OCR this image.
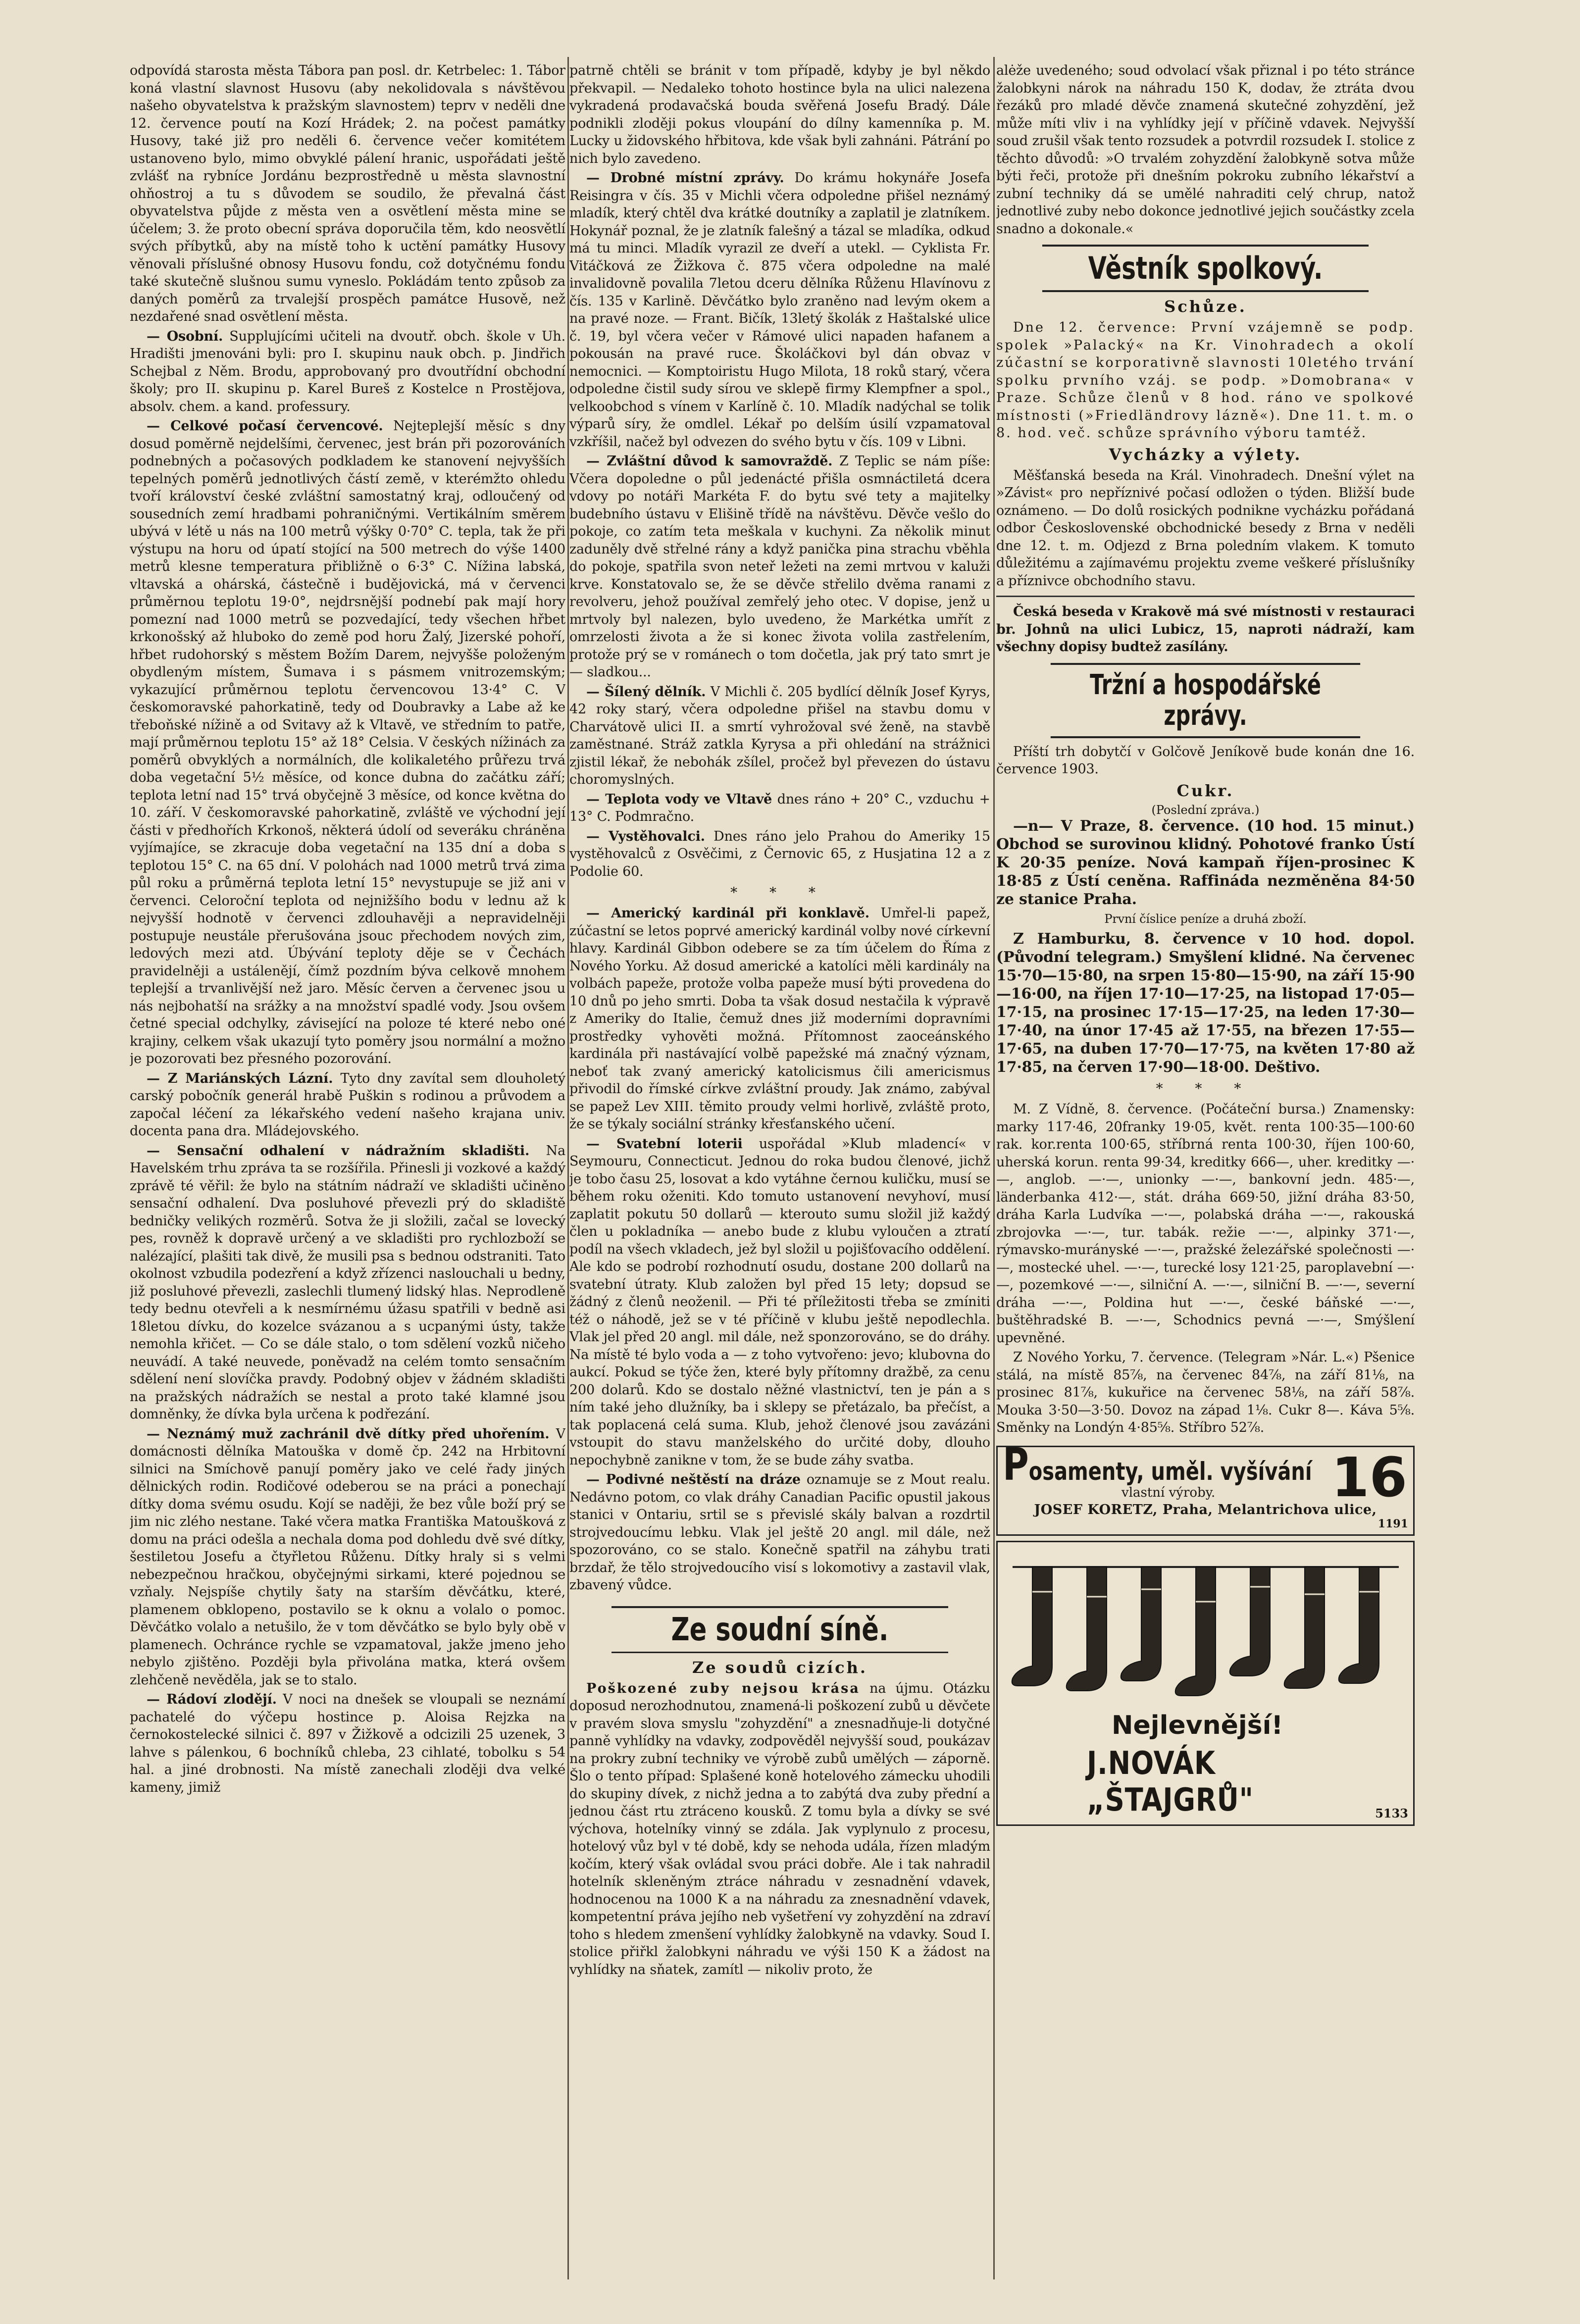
odpovídá starosta města Tábora pan posl. dr. Ketrbelec: 1. Tábor koná vlastní slavnost Husovu (aby nekolidovala s návštěvou našeho obyvatelstva k pražským slavnostem) teprv v neděli dne 12. července poutí na Kozí Hrádek; 2. na počest památky Husovy, také již pro neděli 6. července večer komitétem ustanoveno bylo, mimo obvyklé pálení hranic, uspořádati ještě zvlášť na rybníce Jordánu bezprostředně u města slavnostní ohňostroj a tu s důvodem se soudilo, že převalná část obyvatelstva půjde z města ven a osvětlení města mine se účelem; 3. že proto obecní správa doporučila těm, kdo neosvětlí svých příbytků, aby na místě toho k uctění památky Husovy věnovali příslušné obnosy Husovu fondu, což dotyčnému fondu také skutečně slušnou sumu vyneslo. Pokládám tento způsob za daných poměrů za trvalejší prospěch památce Husově, než nezdařené snad osvětlení města.

— Osobní. Supplujícími učiteli na dvoutř. obch. škole v Uh. Hradišti jmenováni byli: pro I. skupinu nauk obch. p. Jindřich Schejbal z Něm. Brodu, approbovaný pro dvoutřídní obchodní školy; pro II. skupinu p. Karel Bureš z Kostelce n Prostějova, absolv. chem. a kand. professury.

— Celkové počasí červencové. Nejteplejší měsíc s dny dosud poměrně nejdelšími, červenec, jest brán při pozorováních podnebných a počasových podkladem ke stanovení nejvyšších tepelných poměrů jednotlivých částí země, v kterémžto ohledu tvoří království české zvláštní samostatný kraj, odloučený od sousedních zemí hradbami pohraničnými. Vertikálním směrem ubývá v létě u nás na 100 metrů výšky 0·70° C. tepla, tak že při výstupu na horu od úpatí stojící na 500 metrech do výše 1400 metrů klesne temperatura přibližně o 6·3° C. Nížina labská, vltavská a ohárská, částečně i budějovická, má v červenci průměrnou teplotu 19·0°, nejdrsnější podnebí pak mají hory pomezní nad 1000 metrů se pozvedající, tedy všechen hřbet krkonošský až hluboko do země pod horu Žalý, Jizerské pohoří, hřbet rudohorský s městem Božím Darem, nejvyšše položeným obydleným místem, Šumava i s pásmem vnitrozemským; vykazující průměrnou teplotu červencovou 13·4° C. V českomoravské pahorkatině, tedy od Doubravky a Labe až ke třeboňské nížině a od Svitavy až k Vltavě, ve středním to patře, mají průměrnou teplotu 15° až 18° Celsia. V českých nížinách za poměrů obvyklých a normálních, dle kolikaletého průřezu trvá doba vegetační 5½ měsíce, od konce dubna do začátku září; teplota letní nad 15° trvá obyčejně 3 měsíce, od konce května do 10. září. V českomoravské pahorkatině, zvláště ve východní její části v předhořích Krkonoš, některá údolí od severáku chráněna vyjímajíce, se zkracuje doba vegetační na 135 dní a doba s teplotou 15° C. na 65 dní. V polohách nad 1000 metrů trvá zima půl roku a průměrná teplota letní 15° nevystupuje se již ani v červenci. Celoroční teplota od nejnižšího bodu v lednu až k nejvyšší hodnotě v červenci zdlouhavěji a nepravidelněji postupuje neustále přerušována jsouc přechodem nových zim, ledových mezi atd. Úbývání teploty děje se v Čechách pravidelněji a ustálenějí, čímž pozdním býva celkově mnohem teplejší a trvanlivější než jaro. Měsíc červen a červenec jsou u nás nejbohatší na srážky a na množství spadlé vody. Jsou ovšem četné special odchylky, závisející na poloze té které nebo oné krajiny, celkem však ukazují tyto poměry jsou normální a možno je pozorovati bez přesného pozorování.

— Z Mariánských Lázní. Tyto dny zavítal sem dlouholetý carský pobočník generál hrabě Puškin s rodinou a průvodem a započal léčení za lékařského vedení našeho krajana univ. docenta pana dra. Mládejovského.

— Sensační odhalení v nádražním skladišti. Na Havelském trhu zpráva ta se rozšířila. Přinesli ji vozkové a každý zprávě té věřil: že bylo na státním nádraží ve skladišti učiněno sensační odhalení. Dva posluhové převezli prý do skladiště bedničky velikých rozměrů. Sotva že ji složili, začal se lovecký pes, rovněž k dopravě určený a ve skladišti pro rychlozboží se nalézající, plašiti tak divě, že musili psa s bednou odstraniti. Tato okolnost vzbudila podezření a když zřízenci naslouchali u bedny, již posluhové převezli, zaslechli tlumený lidský hlas. Neprodleně tedy bednu otevřeli a k nesmírnému úžasu spatřili v bedně asi 18letou dívku, do kozelce svázanou a s ucpanými ústy, takže nemohla křičet. — Co se dále stalo, o tom sdělení vozků ničeho neuvádí. A také neuvede, poněvadž na celém tomto sensačním sdělení není slovíčka pravdy. Podobný objev v žádném skladišti na pražských nádražích se nestal a proto také klamné jsou domněnky, že dívka byla určena k podřezání.

— Neznámý muž zachránil dvě dítky před uhořením. V domácnosti dělníka Matouška v domě čp. 242 na Hrbitovní silnici na Smíchově panují poměry jako ve celé řady jiných dělnických rodin. Rodičové odeberou se na práci a ponechají dítky doma svému osudu. Kojí se naději, že bez vůle boží prý se jim nic zlého nestane. Také včera matka Františka Matoušková z domu na práci odešla a nechala doma pod dohledu dvě své dítky, šestiletou Josefu a čtyřletou Růženu. Dítky hraly si s velmi nebezpečnou hračkou, obyčejnými sirkami, které pojednou se vzňaly. Nejspíše chytily šaty na starším děvčátku, které, plamenem obklopeno, postavilo se k oknu a volalo o pomoc. Děvčátko volalo a netušilo, že v tom děvčátko se bylo byly obě v plamenech. Ochránce rychle se vzpamatoval, jakže jmeno jeho nebylo zjištěno. Později byla přivolána matka, která ovšem zlehčeně nevěděla, jak se to stalo.

— Rádoví zlodějí. V noci na dnešek se vloupali se neznámí pachatelé do výčepu hostince p. Aloisa Rejzka na černokostelecké silnici č. 897 v Žižkově a odcizili 25 uzenek, 3 lahve s pálenkou, 6 bochníků chleba, 23 cihlaté, tobolku s 54 hal. a jiné drobnosti. Na místě zanechali zloději dva velké kameny, jimiž

patrně chtěli se bránit v tom případě, kdyby je byl někdo překvapil. — Nedaleko tohoto hostince byla na ulici nalezena vykradená prodavačská bouda svěřená Josefu Bradý. Dále podnikli zloději pokus vloupání do dílny kamenníka p. M. Lucky u židovského hřbitova, kde však byli zahnáni. Pátrání po nich bylo zavedeno.

— Drobné místní zprávy. Do krámu hokynáře Josefa Reisingra v čís. 35 v Michli včera odpoledne přišel neznámý mladík, který chtěl dva krátké doutníky a zaplatil je zlatníkem. Hokynář poznal, že je zlatník falešný a tázal se mladíka, odkud má tu minci. Mladík vyrazil ze dveří a utekl. — Cyklista Fr. Vitáčková ze Žižkova č. 875 včera odpoledne na malé invalidovně povalila 7letou dceru dělníka Růženu Hlavínovu z čís. 135 v Karlině. Děvčátko bylo zraněno nad levým okem a na pravé noze. — Frant. Bičík, 13letý školák z Haštalské ulice č. 19, byl včera večer v Rámové ulici napaden hafanem a pokousán na pravé ruce. Školáčkovi byl dán obvaz v nemocnici. — Komptoiristu Hugo Milota, 18 roků starý, včera odpoledne čistil sudy sírou ve sklepě firmy Klempfner a spol., velkoobchod s vínem v Karlíně č. 10. Mladík nadýchal se tolik výparů síry, že omdlel. Lékař po delším úsilí vzpamatoval vzkříšil, načež byl odvezen do svého bytu v čís. 109 v Libni.

— Zvláštní důvod k samovraždě. Z Teplic se nám píše: Včera dopoledne o půl jedenácté přišla osmnáctiletá dcera vdovy po notáři Markéta F. do bytu své tety a majitelky budebního ústavu v Elišině třídě na návštěvu. Děvče vešlo do pokoje, co zatím teta meškala v kuchyni. Za několik minut zaduněly dvě střelné rány a když panička pina strachu vběhla do pokoje, spatřila svon neteř ležeti na zemi mrtvou v kaluži krve. Konstatovalo se, že se děvče střelilo dvěma ranami z revolveru, jehož používal zemřelý jeho otec. V dopise, jenž u mrtvoly byl nalezen, bylo uvedeno, že Markétka umřít z omrzelosti života a že si konec života volila zastřelením, protože prý se v románech o tom dočetla, jak prý tato smrt je — sladkou...

— Šílený dělník. V Michli č. 205 bydlící dělník Josef Kyrys, 42 roky starý, včera odpoledne přišel na stavbu domu v Charvátově ulici II. a smrtí vyhrožoval své ženě, na stavbě zaměstnané. Stráž zatkla Kyrysa a při ohledání na strážnici zjistil lékař, že nebohák zšílel, pročež byl převezen do ústavu choromyslných.

— Teplota vody ve Vltavě dnes ráno + 20° C., vzduchu + 13° C. Podmračno.

— Vystěhovalci. Dnes ráno jelo Prahou do Ameriky 15 vystěhovalců z Osvěčimi, z Černovic 65, z Husjatina 12 a z Podolie 60.

* * *

— Americký kardinál při konklavě. Umřel-li papež, zúčastní se letos poprvé americký kardinál volby nové církevní hlavy. Kardinál Gibbon odebere se za tím účelem do Říma z Nového Yorku. Až dosud americké a katolíci měli kardinály na volbách papeže, protože volba papeže musí býti provedena do 10 dnů po jeho smrti. Doba ta však dosud nestačila k výpravě z Ameriky do Italie, čemuž dnes již moderními dopravními prostředky vyhověti možná. Přítomnost zaoceánského kardinála při nastávající volbě papežské má značný význam, neboť tak zvaný americký katolicismus čili americismus přivodil do římské církve zvláštní proudy. Jak známo, zabýval se papež Lev XIII. těmito proudy velmi horlivě, zvláště proto, že se týkaly sociální stránky křesťanského učení.

— Svatební loterii uspořádal »Klub mladencí« v Seymouru, Connecticut. Jednou do roka budou členové, jichž je tobo času 25, losovat a kdo vytáhne černou kuličku, musí se během roku oženiti. Kdo tomuto ustanovení nevyhoví, musí zaplatit pokutu 50 dollarů — kterouto sumu složil již každý člen u pokladníka — anebo bude z klubu vyloučen a ztratí podíl na všech vkladech, jež byl složil u pojišťovacího oddělení. Ale kdo se podrobí rozhodnutí osudu, dostane 200 dollarů na svatební útraty. Klub založen byl před 15 lety; dopsud se žádný z členů neoženil. — Při té příležitosti třeba se zmíniti též o náhodě, jež se v té příčině v klubu ještě nepodlechla. Vlak jel před 20 angl. mil dále, než sponzorováno, se do dráhy. Na místě té bylo voda a — z toho vytvořeno: jevo; klubovna do aukcí. Pokud se týče žen, které byly přítomny dražbě, za cenu 200 dolarů. Kdo se dostalo něžné vlastnictví, ten je pán a s ním také jeho dlužníky, ba i sklepy se přetázalo, ba přečíst, a tak poplacená celá suma. Klub, jehož členové jsou zavázáni vstoupit do stavu manželského do určité doby, dlouho nepochybně zanikne v tom, že se bude záhy svatba.

— Podivné neštěstí na dráze oznamuje se z Mout realu. Nedávno potom, co vlak dráhy Canadian Pacific opustil jakous stanici v Ontariu, srtil se s převislé skály balvan a rozdrtil strojvedoucímu lebku. Vlak jel ještě 20 angl. mil dále, než spozorováno, co se stalo. Konečně spatřil na záhybu trati brzdař, že tělo strojvedoucího visí s lokomotivy a zastavil vlak, zbavený vůdce.

Ze soudní síně.
Ze soudů cizích.

Poškozené zuby nejsou krása na újmu. Otázku doposud nerozhodnutou, znamená-li poškození zubů u děvčete v pravém slova smyslu "zohyzdění" a znesnadňuje-li dotyčné panně vyhlídky na vdavky, zodpověděl nejvyšší soud, poukázav na prokry zubní techniky ve výrobě zubů umělých — záporně. Šlo o tento případ: Splašené koně hotelového zámecku uhodili do skupiny dívek, z nichž jedna a to zabýtá dva zuby přední a jednou část rtu ztráceno kousků. Z tomu byla a dívky se své výchova, hotelníky vinný se zdála. Jak vyplynulo z procesu, hotelový vůz byl v té době, kdy se nehoda udála, řízen mladým kočím, který však ovládal svou práci dobře. Ale i tak nahradil hotelník skleněným ztráce náhradu v zesnadnění vdavek, hodnocenou na 1000 K a na náhradu za znesnadnění vdavek, kompetentní práva jejího neb vyšetření vy zohyzdění na zdraví toho s hledem zmenšení vyhlídky žalobkyně na vdavky. Soud I. stolice přiřkl žalobkyni náhradu ve výši 150 K a žádost na vyhlídky na sňatek, zamítl — nikoliv proto, že

alėže uvedeného; soud odvolací však přiznal i po této stránce žalobkyni nárok na náhradu 150 K, dodav, že ztráta dvou řezáků pro mladé děvče znamená skutečné zohyzdění, jež může míti vliv i na vyhlídky její v příčině vdavek. Nejvyšší soud zrušil však tento rozsudek a potvrdil rozsudek I. stolice z těchto důvodů: »O trvalém zohyzdění žalobkyně sotva může býti řeči, protože při dnešním pokroku zubního lékařství a zubní techniky dá se umělé nahraditi celý chrup, natož jednotlivé zuby nebo dokonce jednotlivé jejich součástky zcela snadno a dokonale.«

Věstník spolkový.
Schůze.

Dne 12. července: První vzájemně se podp. spolek »Palacký« na Kr. Vinohradech a okolí zúčastní se korporativně slavnosti 10letého trvání spolku prvního vzáj. se podp. »Domobrana« v Praze. Schůze členů v 8 hod. ráno ve spolkové místnosti (»Friedländrovy lázně«). Dne 11. t. m. o 8. hod. več. schůze správního výboru tamtéž.

Vycházky a výlety.

Měšťanská beseda na Král. Vinohradech. Dnešní výlet na »Závist« pro nepříznivé počasí odložen o týden. Bližší bude oznámeno. — Do dolů rosických podnikne vycházku pořádaná odbor Československé obchodnické besedy z Brna v neděli dne 12. t. m. Odjezd z Brna poledním vlakem. K tomuto důležitému a zajímavému projektu zveme veškeré příslušníky a příznivce obchodního stavu.

Česká beseda v Krakově má své místnosti v restauraci br. Johnů na ulici Lubicz, 15, naproti nádraží, kam všechny dopisy budtež zasílány.

Tržní a hospodářské zprávy.

Příští trh dobytčí v Golčově Jeníkově bude konán dne 16. července 1903.

Cukr.
(Poslední zpráva.)

—n— V Praze, 8. července. (10 hod. 15 minut.) Obchod se surovinou klidný. Pohotové franko Ústí K 20·35 peníze. Nová kampaň říjen-prosinec K 18·85 z Ústí ceněna. Raffináda nezměněna 84·50 ze stanice Praha.

První číslice peníze a druhá zboží.

Z Hamburku, 8. července v 10 hod. dopol. (Původní telegram.) Smyšlení klidné. Na červenec 15·70—15·80, na srpen 15·80—15·90, na září 15·90—16·00, na říjen 17·10—17·25, na listopad 17·05—17·15, na prosinec 17·15—17·25, na leden 17·30—17·40, na únor 17·45 až 17·55, na březen 17·55—17·65, na duben 17·70—17·75, na květen 17·80 až 17·85, na červen 17·90—18·00. Deštivo.

* * *

M. Z Vídně, 8. července. (Počáteční bursa.) Znamensky: marky 117·46, 20franky 19·05, květ. renta 100·35—100·60 rak. kor.renta 100·65, stříbrná renta 100·30, říjen 100·60, uherská korun. renta 99·34, kreditky 666—, uher. kreditky —·—, anglob. —·—, unionky —·—, bankovní jedn. 485·—, länderbanka 412·—, stát. dráha 669·50, jižní dráha 83·50, dráha Karla Ludvíka —·—, polabská dráha —·—, rakouská zbrojovka —·—, tur. tabák. režie —·—, alpinky 371·—, rýmavsko-murányské —·—, pražské železářské společnosti —·—, mostecké uhel. —·—, turecké losy 121·25, paroplavební —·—, pozemkové —·—, silniční A. —·—, silniční B. —·—, severní dráha —·—, Poldina hut —·—, české báňské —·—, buštěhradské B. —·—, Schodnics pevná —·—, Smýšlení upevněné.

Z Nového Yorku, 7. července. (Telegram »Nár. L.«) Pšenice stálá, na místě 85⅞, na červenec 84⅞, na září 81⅛, na prosinec 81⅞, kukuřice na červenec 58⅛, na září 58⅞. Mouka 3·50—3·50. Dovoz na západ 1⅛. Cukr 8—. Káva 5⅝. Směnky na Londýn 4·85⅝. Stříbro 52⅞.

Posamenty, uměl. vyšívání 16
vlastní výroby.
JOSEF KORETZ, Praha, Melantrichova ulice,
1191
Nejlevnější!
J.NOVÁK „ŠTAJGRŮ"	5133
